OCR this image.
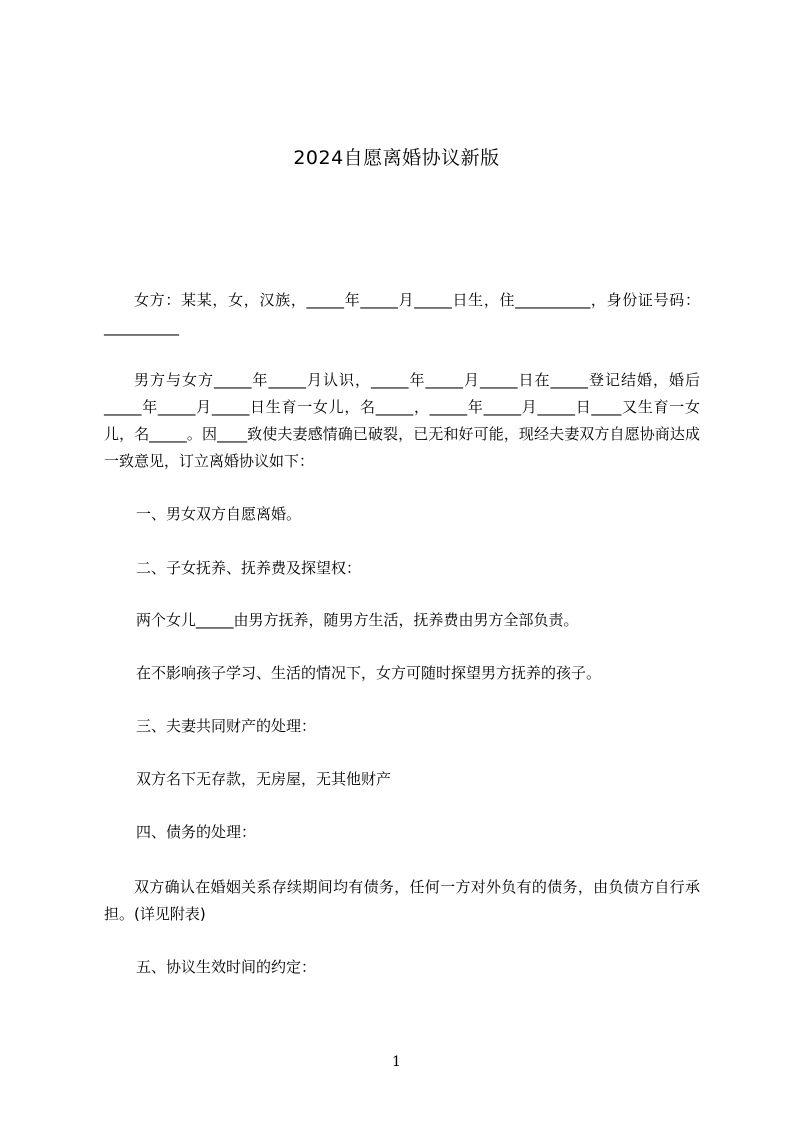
2024自愿离婚协议新版
女方：某某，女，汉族，_____年_____月_____日生，住__________，身份证号码：__________
男方与女方_____年_____月认识，_____年_____月_____日在_____登记结婚，婚后_____年_____月_____日生育一女儿，名_____，_____年_____月_____日____又生育一女儿，名_____。因____致使夫妻感情确已破裂，已无和好可能，现经夫妻双方自愿协商达成一致意见，订立离婚协议如下：
一、男女双方自愿离婚。
二、子女抚养、抚养费及探望权：
两个女儿_____由男方抚养，随男方生活，抚养费由男方全部负责。
在不影响孩子学习、生活的情况下，女方可随时探望男方抚养的孩子。
三、夫妻共同财产的处理：
双方名下无存款，无房屋，无其他财产
四、债务的处理：
双方确认在婚姻关系存续期间均有债务，任何一方对外负有的债务，由负债方自行承担。(详见附表)
五、协议生效时间的约定：
1
